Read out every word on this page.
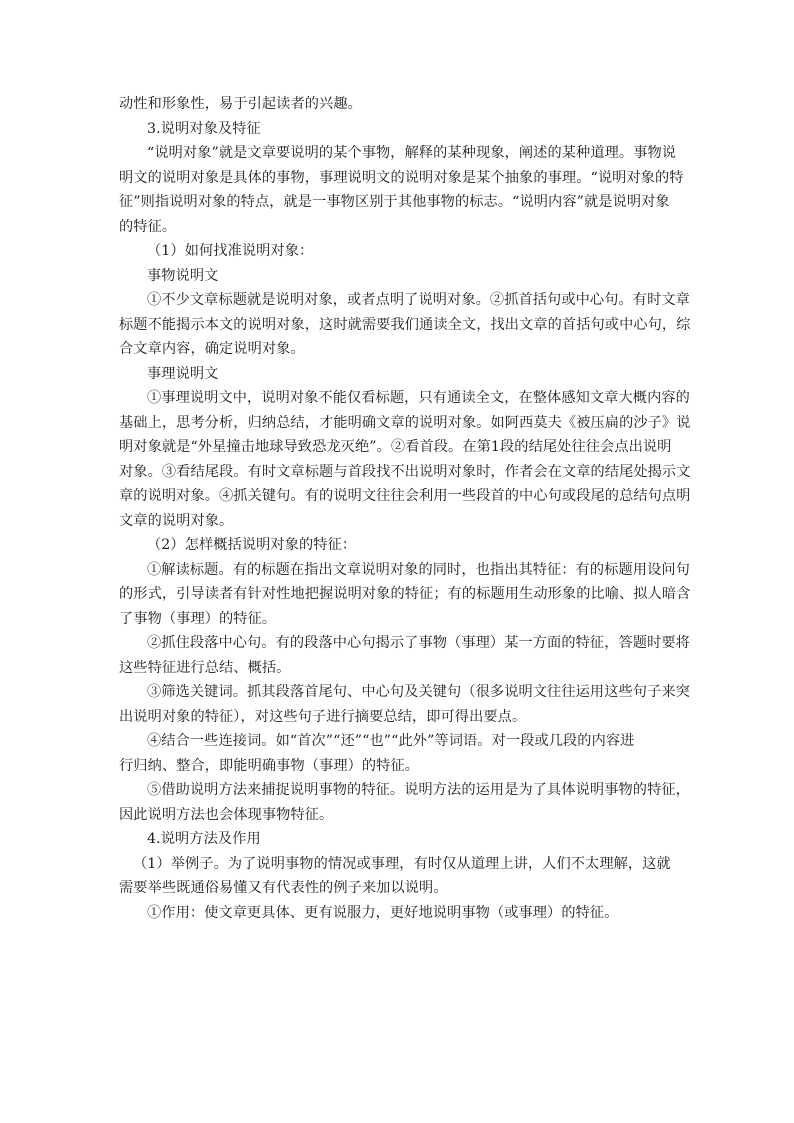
动性和形象性，易于引起读者的兴趣。
3.说明对象及特征
“说明对象”就是文章要说明的某个事物，解释的某种现象，阐述的某种道理。事物说
明文的说明对象是具体的事物，事理说明文的说明对象是某个抽象的事理。“说明对象的特
征”则指说明对象的特点，就是一事物区别于其他事物的标志。“说明内容”就是说明对象
的特征。
（1）如何找准说明对象：
事物说明文
①不少文章标题就是说明对象，或者点明了说明对象。②抓首括句或中心句。有时文章
标题不能揭示本文的说明对象，这时就需要我们通读全文，找出文章的首括句或中心句，综
合文章内容，确定说明对象。
事理说明文
①事理说明文中，说明对象不能仅看标题，只有通读全文，在整体感知文章大概内容的
基础上，思考分析，归纳总结，才能明确文章的说明对象。如阿西莫夫《被压扁的沙子》说
明对象就是“外星撞击地球导致恐龙灭绝”。②看首段。在第1段的结尾处往往会点出说明
对象。③看结尾段。有时文章标题与首段找不出说明对象时，作者会在文章的结尾处揭示文
章的说明对象。④抓关键句。有的说明文往往会利用一些段首的中心句或段尾的总结句点明
文章的说明对象。
（2）怎样概括说明对象的特征：
①解读标题。有的标题在指出文章说明对象的同时，也指出其特征：有的标题用设问句
的形式，引导读者有针对性地把握说明对象的特征；有的标题用生动形象的比喻、拟人暗含
了事物（事理）的特征。
②抓住段落中心句。有的段落中心句揭示了事物（事理）某一方面的特征，答题时要将
这些特征进行总结、概括。
③筛选关键词。抓其段落首尾句、中心句及关键句（很多说明文往往运用这些句子来突
出说明对象的特征），对这些句子进行摘要总结，即可得出要点。
④结合一些连接词。如“首次”“还”“也”“此外”等词语。对一段或几段的内容进
行归纳、整合，即能明确事物（事理）的特征。
⑤借助说明方法来捕捉说明事物的特征。说明方法的运用是为了具体说明事物的特征，
因此说明方法也会体现事物特征。
4.说明方法及作用
（1）举例子。为了说明事物的情况或事理，有时仅从道理上讲，人们不太理解，这就
需要举些既通俗易懂又有代表性的例子来加以说明。
①作用：使文章更具体、更有说服力，更好地说明事物（或事理）的特征。
